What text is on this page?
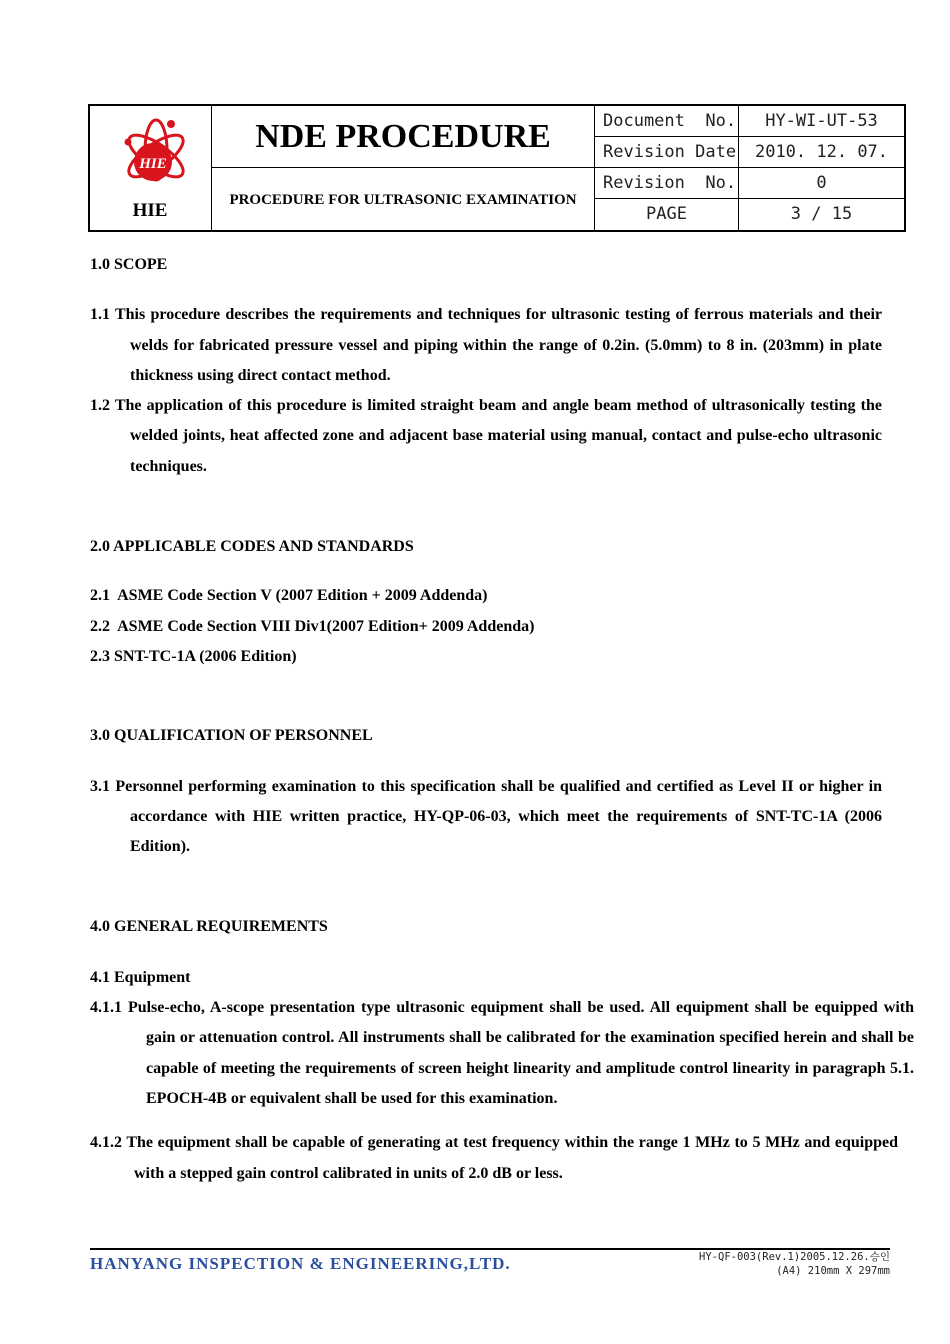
HIE
HIE
NDE PROCEDURE
PROCEDURE FOR ULTRASONIC EXAMINATION
Document  No.	HY-WI-UT-53
Revision Date	2010. 12. 07.
Revision  No.	0
PAGE	3 / 15

1.0 SCOPE

1.1 This procedure describes the requirements and techniques for ultrasonic testing of ferrous materials and their welds for fabricated pressure vessel and piping within the range of 0.2in. (5.0mm) to 8 in. (203mm) in plate thickness using direct contact method.

1.2 The application of this procedure is limited straight beam and angle beam method of ultrasonically testing the welded joints, heat affected zone and adjacent base material using manual, contact and pulse-echo ultrasonic techniques.

2.0 APPLICABLE CODES AND STANDARDS

2.1  ASME Code Section V (2007 Edition + 2009 Addenda)

2.2  ASME Code Section VIII Div1(2007 Edition+ 2009 Addenda)

2.3 SNT-TC-1A (2006 Edition)

3.0 QUALIFICATION OF PERSONNEL

3.1 Personnel performing examination to this specification shall be qualified and certified as Level II or higher in accordance with HIE written practice, HY-QP-06-03, which meet the requirements of SNT-TC-1A (2006 Edition).

4.0 GENERAL REQUIREMENTS

4.1 Equipment

4.1.1 Pulse-echo, A-scope presentation type ultrasonic equipment shall be used. All equipment shall be equipped with gain or attenuation control. All instruments shall be calibrated for the examination specified herein and shall be capable of meeting the requirements of screen height linearity and amplitude control linearity in paragraph 5.1. EPOCH-4B or equivalent shall be used for this examination.

4.1.2 The equipment shall be capable of generating at test frequency within the range 1 MHz to 5 MHz and equipped with a stepped gain control calibrated in units of 2.0 dB or less.

HANYANG INSPECTION & ENGINEERING,LTD.	HY-QF-003(Rev.1)2005.12.26.승인
(A4) 210mm X 297mm
